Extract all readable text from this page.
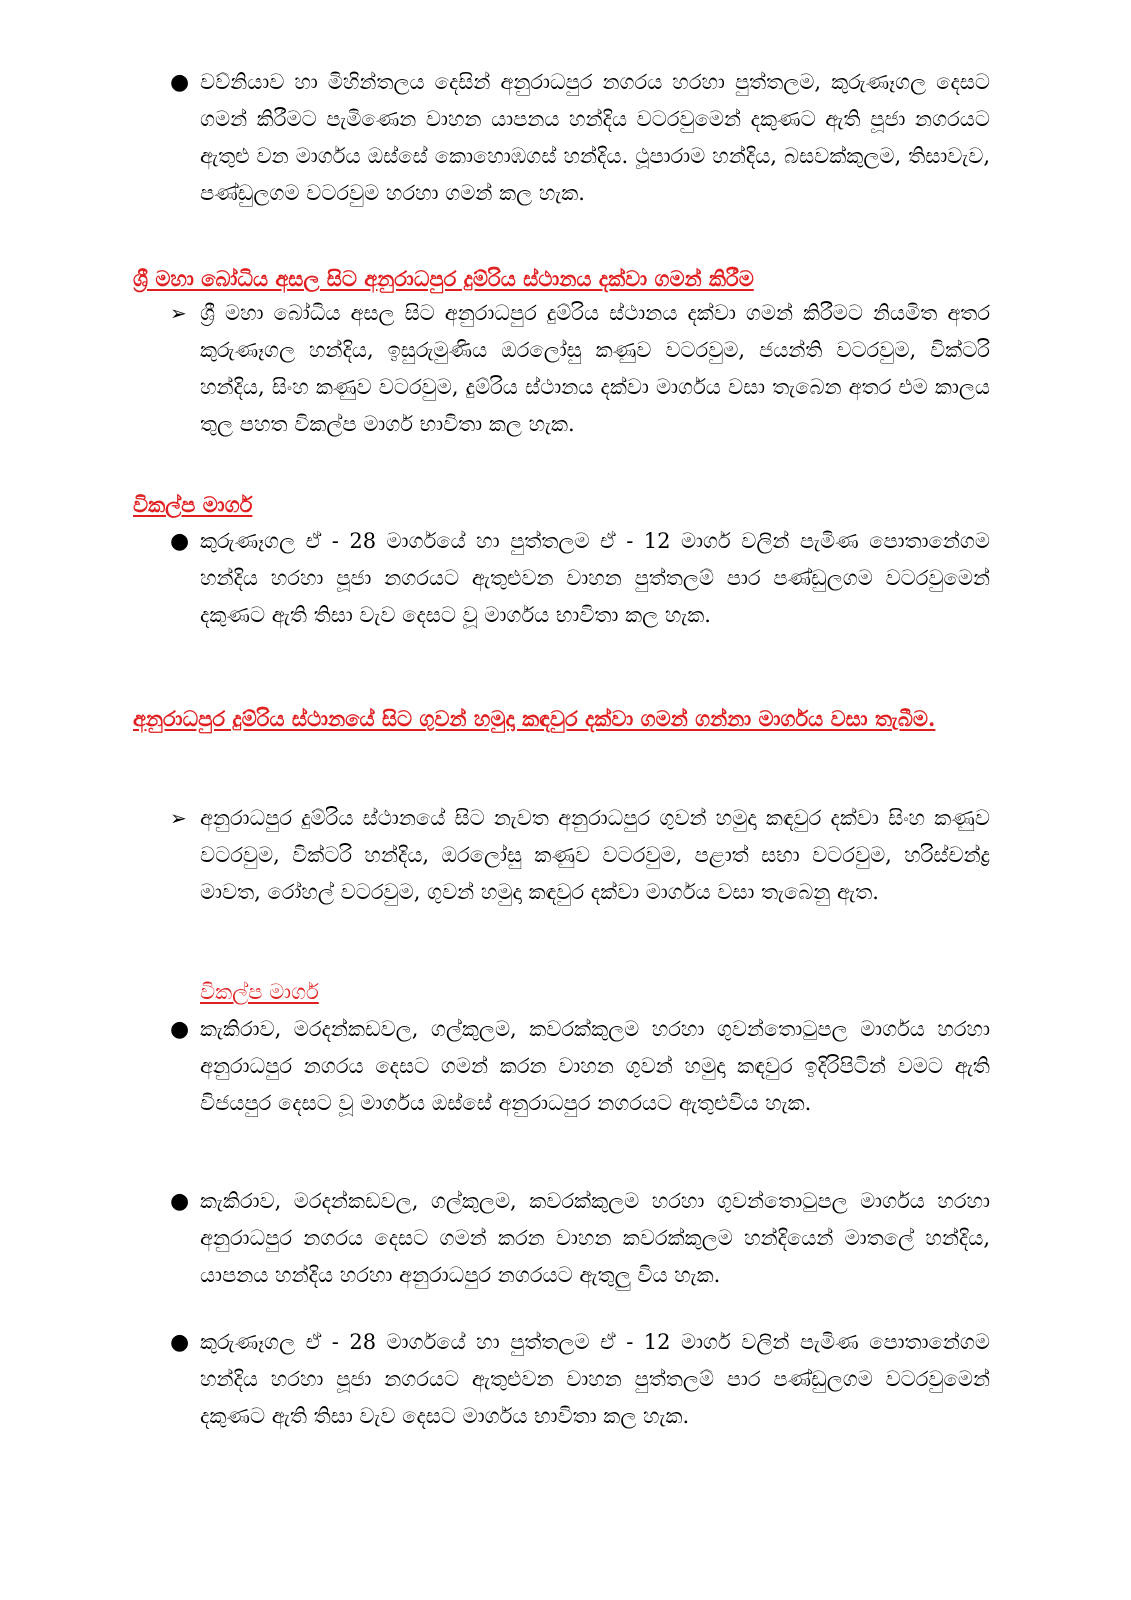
● වව්නියාව හා මිහින්තලය දෙසින් අනුරාධපුර නගරය හරහා පුත්තලම, කුරුණෑගල දෙසට ගමන් කිරීමට පැමිණෙන වාහන යාපනය හන්දිය වටරවුමෙන් දකුණට ඇති පූජා නගරයට ඇතුළු වන මාර්ගය ඔස්සේ කොහොඹගස් හන්දිය. ථූපාරාම හන්දිය, බසවක්කුලම, තිසාවැව, පණ්ඩුලගම වටරවුම හරහා ගමන් කල හැක.
ශ්‍රී මහා බෝධිය අසල සිට අනුරාධපුර දුම්රිය ස්ථානය දක්වා ගමන් කිරීම
➢ ශ්‍රී මහා බෝධිය අසල සිට අනුරාධපුර දුම්රිය ස්ථානය දක්වා ගමන් කිරීමට නියමිත අතර කුරුණෑගල හන්දිය, ඉසුරුමුණිය ඔරලෝසු කණුව වටරවුම, ජයන්ති වටරවුම, වික්ටරි හන්දිය, සිංහ කණුව වටරවුම, දුම්රිය ස්ථානය දක්වා මාර්ගය වසා තැබෙන අතර එම කාලය තුල පහත විකල්ප මාර්ග භාවිතා කල හැක.
විකල්ප මාර්ග
● කුරුණෑගල ඒ - 28 මාර්ගයේ හා පුත්තලම ඒ - 12 මාර්ග වලින් පැමිණ පොතානේගම හන්දිය හරහා පූජා නගරයට ඇතුළුවන වාහන පුත්තලම් පාර පණ්ඩුලගම වටරවුමෙන් දකුණට ඇති තිසා වැව දෙසට වූ මාර්ගය භාවිතා කල හැක.
අනුරාධපුර දුම්රිය ස්ථානයේ සිට ගුවන් හමුදා කඳවුර දක්වා ගමන් ගන්නා මාර්ගය වසා තැබීම.
➢ අනුරාධපුර දුම්රිය ස්ථානයේ සිට නැවත අනුරාධපුර ගුවන් හමුදා කඳවුර දක්වා සිංහ කණුව වටරවුම, වික්ටරි හන්දිය, ඔරලෝසු කණුව වටරවුම, පළාත් සභා වටරවුම, හරිස්චන්ද්‍ර මාවත, රෝහල් වටරවුම, ගුවන් හමුදා කඳවුර දක්වා මාර්ගය වසා තැබෙනු ඇත.
විකල්ප මාර්ග
● කැකිරාව, මරදන්කඩවල, ගල්කුලම, කවරක්කුලම හරහා ගුවන්තොටුපල මාර්ගය හරහා අනුරාධපුර නගරය දෙසට ගමන් කරන වාහන ගුවන් හමුදා කඳවුර ඉදිරිපිටින් වමට ඇති විජයපුර දෙසට වූ මාර්ගය ඔස්සේ අනුරාධපුර නගරයට ඇතුළුවිය හැක.
● කැකිරාව, මරදන්කඩවල, ගල්කුලම, කවරක්කුලම හරහා ගුවන්තොටුපල මාර්ගය හරහා අනුරාධපුර නගරය දෙසට ගමන් කරන වාහන කවරක්කුලම හන්දියෙන් මාතලේ හන්දිය, යාපනය හන්දිය හරහා අනුරාධපුර නගරයට ඇතුලු විය හැක.
● කුරුණෑගල ඒ - 28 මාර්ගයේ හා පුත්තලම ඒ - 12 මාර්ග වලින් පැමිණ පොතානේගම හන්දිය හරහා පූජා නගරයට ඇතුළුවන වාහන පුත්තලම් පාර පණ්ඩුලගම වටරවුමෙන් දකුණට ඇති තිසා වැව දෙසට මාර්ගය භාවිතා කල හැක.
